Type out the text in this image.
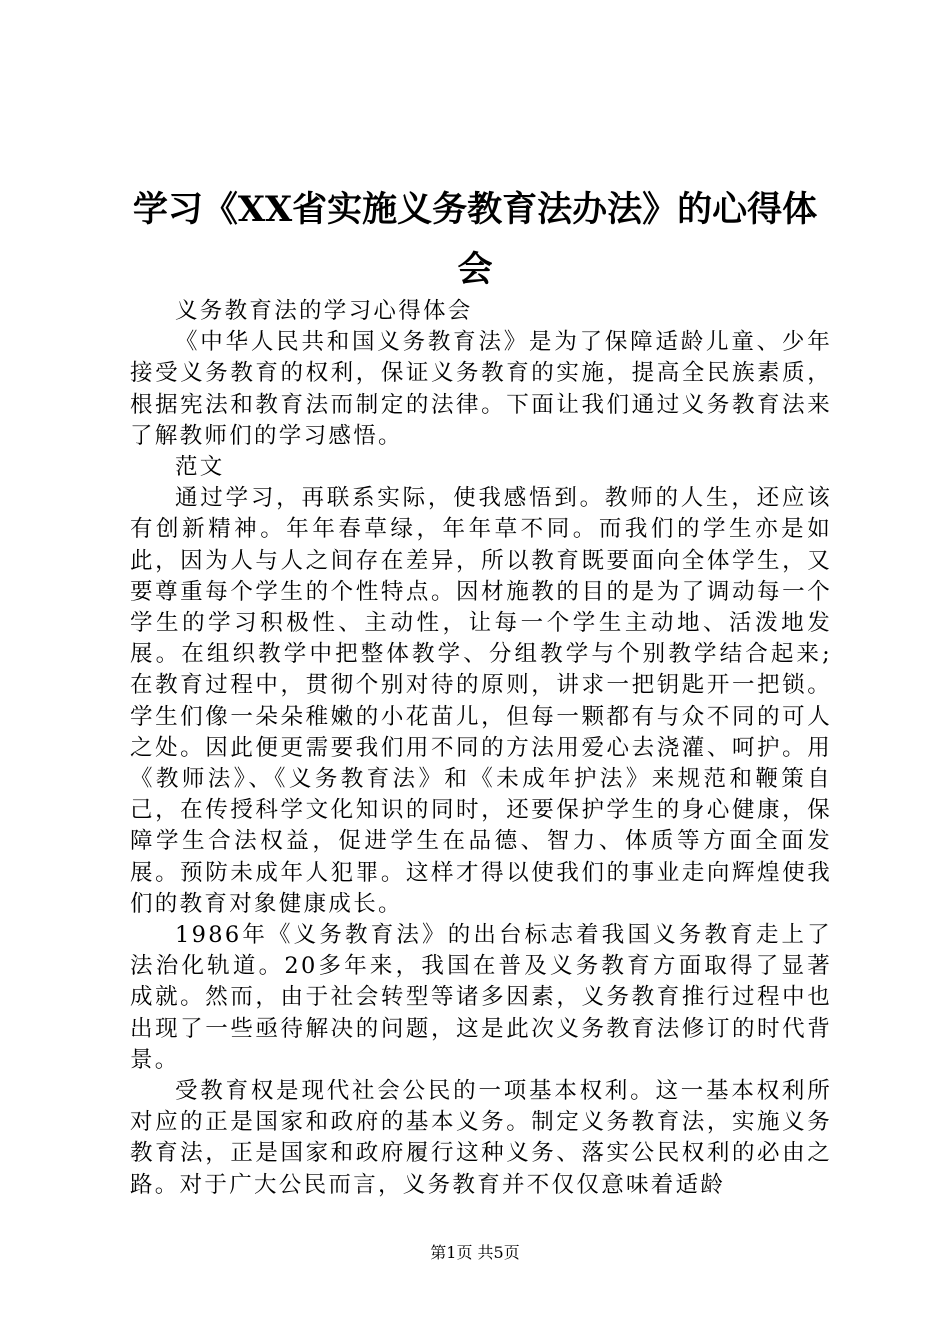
学习《XX省实施义务教育法办法》的心得体会

义务教育法的学习心得体会

《中华人民共和国义务教育法》是为了保障适龄儿童、少年接受义务教育的权利，保证义务教育的实施，提高全民族素质，根据宪法和教育法而制定的法律。下面让我们通过义务教育法来了解教师们的学习感悟。

范文

通过学习，再联系实际，使我感悟到。教师的人生，还应该有创新精神。年年春草绿，年年草不同。而我们的学生亦是如此，因为人与人之间存在差异，所以教育既要面向全体学生，又要尊重每个学生的个性特点。因材施教的目的是为了调动每一个学生的学习积极性、主动性，让每一个学生主动地、活泼地发展。在组织教学中把整体教学、分组教学与个别教学结合起来;在教育过程中，贯彻个别对待的原则，讲求一把钥匙开一把锁。学生们像一朵朵稚嫩的小花苗儿，但每一颗都有与众不同的可人之处。因此便更需要我们用不同的方法用爱心去浇灌、呵护。用《教师法》、《义务教育法》和《未成年护法》来规范和鞭策自己，在传授科学文化知识的同时，还要保护学生的身心健康，保障学生合法权益，促进学生在品德、智力、体质等方面全面发展。预防未成年人犯罪。这样才得以使我们的事业走向辉煌使我们的教育对象健康成长。

1986年《义务教育法》的出台标志着我国义务教育走上了法治化轨道。20多年来，我国在普及义务教育方面取得了显著成就。然而，由于社会转型等诸多因素，义务教育推行过程中也出现了一些亟待解决的问题，这是此次义务教育法修订的时代背景。

受教育权是现代社会公民的一项基本权利。这一基本权利所对应的正是国家和政府的基本义务。制定义务教育法，实施义务教育法，正是国家和政府履行这种义务、落实公民权利的必由之路。对于广大公民而言，义务教育并不仅仅意味着适龄

第1页 共5页
